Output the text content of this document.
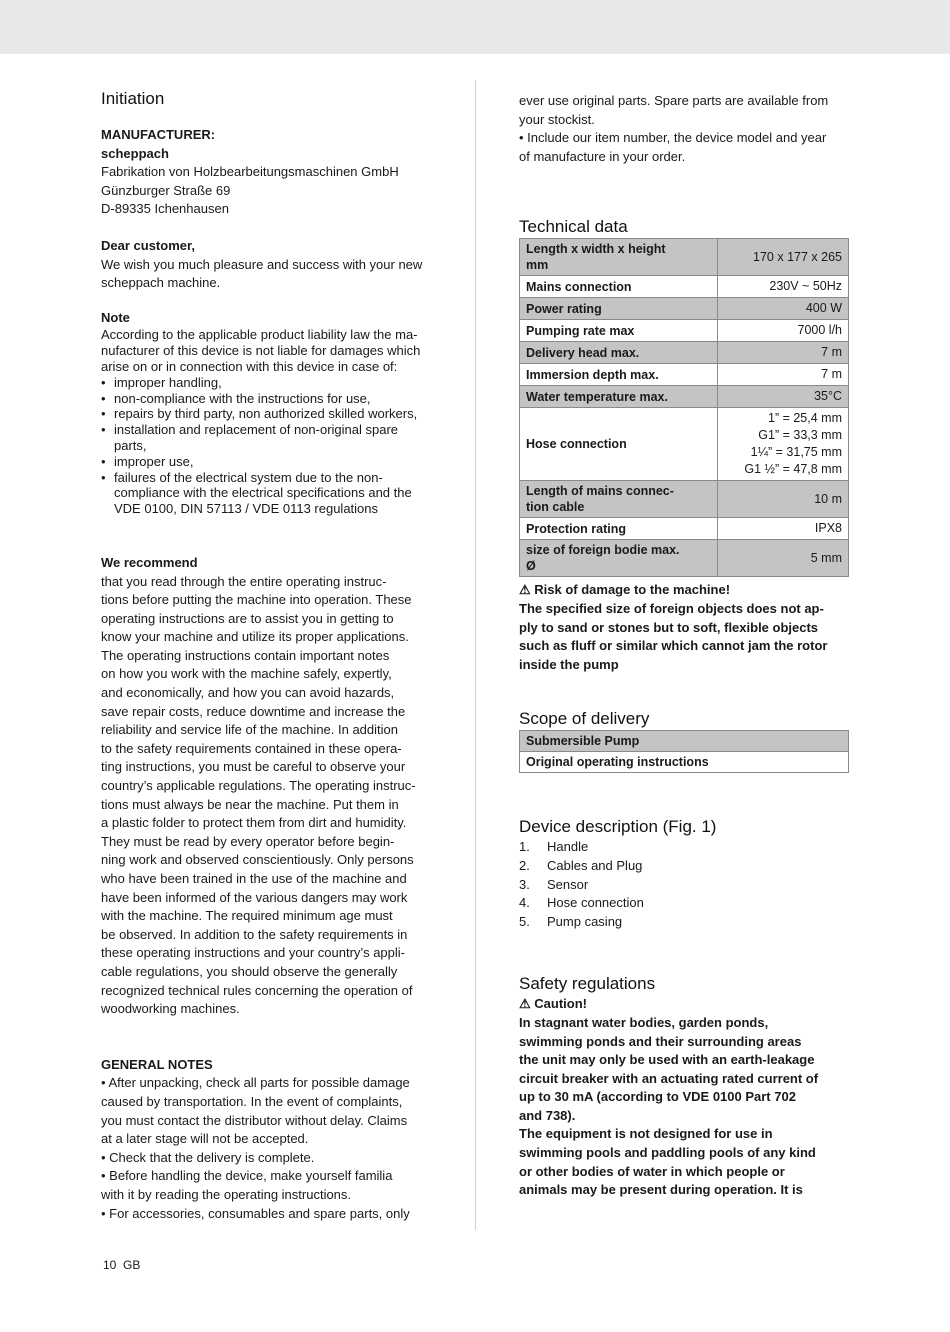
Initiation
MANUFACTURER:
scheppach
Fabrikation von Holzbearbeitungsmaschinen GmbH
Günzburger Straße 69
D-89335 Ichenhausen
Dear customer,
We wish you much pleasure and success with your new
scheppach machine.
Note
According to the applicable product liability law the ma-
nufacturer of this device is not liable for damages which
arise on or in connection with this device in case of:
• improper handling,
• non-compliance with the instructions for use,
• repairs by third party, non authorized skilled workers,
• installation and replacement of non-original spare
parts,
• improper use,
• failures of the electrical system due to the non-
compliance with the electrical specifications and the
VDE 0100, DIN 57113 / VDE 0113 regulations
We recommend
that you read through the entire operating instruc-
tions before putting the machine into operation. These
operating instructions are to assist you in getting to
know your machine and utilize its proper applications.
The operating instructions contain important notes
on how you work with the machine safely, expertly,
and economically, and how you can avoid hazards,
save repair costs, reduce downtime and increase the
reliability and service life of the machine. In addition
to the safety requirements contained in these opera-
ting instructions, you must be careful to observe your
country’s applicable regulations. The operating instruc-
tions must always be near the machine. Put them in
a plastic folder to protect them from dirt and humidity.
They must be read by every operator before begin-
ning work and observed conscientiously. Only persons
who have been trained in the use of the machine and
have been informed of the various dangers may work
with the machine. The required minimum age must
be observed. In addition to the safety requirements in
these operating instructions and your country’s appli-
cable regulations, you should observe the generally
recognized technical rules concerning the operation of
woodworking machines.
GENERAL NOTES
• After unpacking, check all parts for possible damage
caused by transportation. In the event of complaints,
you must contact the distributor without delay. Claims
at a later stage will not be accepted.
• Check that the delivery is complete.
• Before handling the device, make yourself familia
with it by reading the operating instructions.
• For accessories, consumables and spare parts, only
ever use original parts. Spare parts are available from
your stockist.
• Include our item number, the device model and year
of manufacture in your order.
Technical data
Length x width x height
mm	170 x 177 x 265

Mains connection	230V ~ 50Hz

Power rating	400 W

Pumping rate max	7000 l/h

Delivery head max.	7 m

Immersion depth max.	7 m

Water temperature max.	35°C

Hose connection	1” = 25,4 mm
G1” = 33,3 mm
1¼” = 31,75 mm
G1 ½” = 47,8 mm

Length of mains connec-
tion cable	10 m

Protection rating	IPX8

size of foreign bodie max.
Ø	5 mm
⚠ Risk of damage to the machine!
The specified size of foreign objects does not ap-
ply to sand or stones but to soft, flexible objects
such as fluff or similar which cannot jam the rotor
inside the pump
Scope of delivery
Submersible Pump
Original operating instructions
Device description (Fig. 1)
1.	Handle
2.	Cables and Plug
3.	Sensor
4.	Hose connection
5.	Pump casing
Safety regulations
⚠ Caution!
In stagnant water bodies, garden ponds,
swimming ponds and their surrounding areas
the unit may only be used with an earth-leakage
circuit breaker with an actuating rated current of
up to 30 mA (according to VDE 0100 Part 702
and 738).
The equipment is not designed for use in
swimming pools and paddling pools of any kind
or other bodies of water in which people or
animals may be present during operation. It is
10 GB
